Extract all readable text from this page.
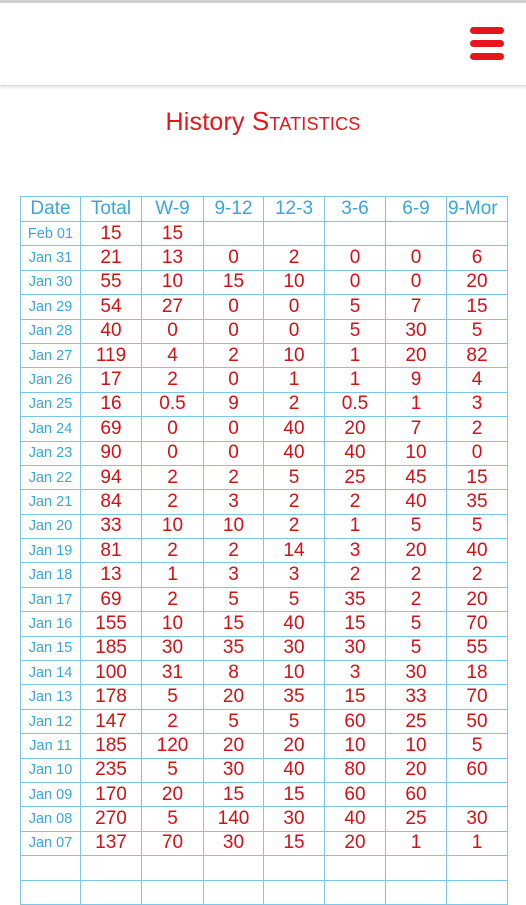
History Statistics
Date	Total	W-9	9-12	12-3	3-6	6-9	9-Mor
Feb 01	15	15					
Jan 31	21	13	0	2	0	0	6
Jan 30	55	10	15	10	0	0	20
Jan 29	54	27	0	0	5	7	15
Jan 28	40	0	0	0	5	30	5
Jan 27	119	4	2	10	1	20	82
Jan 26	17	2	0	1	1	9	4
Jan 25	16	0.5	9	2	0.5	1	3
Jan 24	69	0	0	40	20	7	2
Jan 23	90	0	0	40	40	10	0
Jan 22	94	2	2	5	25	45	15
Jan 21	84	2	3	2	2	40	35
Jan 20	33	10	10	2	1	5	5
Jan 19	81	2	2	14	3	20	40
Jan 18	13	1	3	3	2	2	2
Jan 17	69	2	5	5	35	2	20
Jan 16	155	10	15	40	15	5	70
Jan 15	185	30	35	30	30	5	55
Jan 14	100	31	8	10	3	30	18
Jan 13	178	5	20	35	15	33	70
Jan 12	147	2	5	5	60	25	50
Jan 11	185	120	20	20	10	10	5
Jan 10	235	5	30	40	80	20	60
Jan 09	170	20	15	15	60	60	
Jan 08	270	5	140	30	40	25	30
Jan 07	137	70	30	15	20	1	1
